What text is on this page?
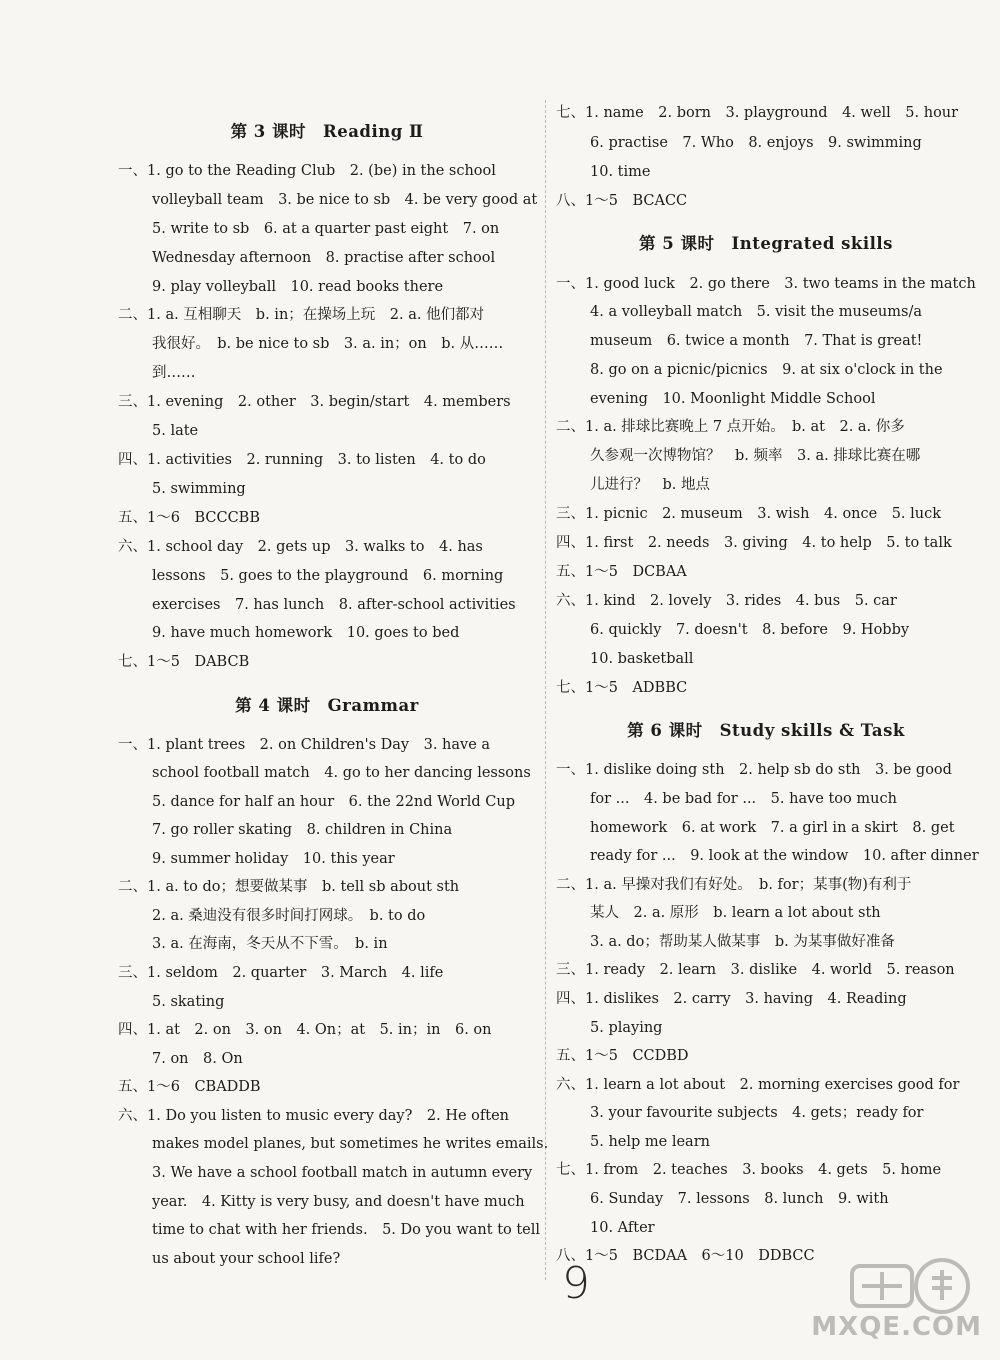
第 3 课时　Reading Ⅱ
一、1. go to the Reading Club　2. (be) in the school
volleyball team　3. be nice to sb　4. be very good at
5. write to sb　6. at a quarter past eight　7. on
Wednesday afternoon　8. practise after school
9. play volleyball　10. read books there
二、1. a. 互相聊天　b. in；在操场上玩　2. a. 他们都对
我很好。　b. be nice to sb　3. a. in；on　b. 从……
到……
三、1. evening　2. other　3. begin/start　4. members
5. late
四、1. activities　2. running　3. to listen　4. to do
5. swimming
五、1～6　BCCCBB
六、1. school day　2. gets up　3. walks to　4. has
lessons　5. goes to the playground　6. morning
exercises　7. has lunch　8. after-school activities
9. have much homework　10. goes to bed
七、1～5　DABCB
第 4 课时　Grammar
一、1. plant trees　2. on Children's Day　3. have a
school football match　4. go to her dancing lessons
5. dance for half an hour　6. the 22nd World Cup
7. go roller skating　8. children in China
9. summer holiday　10. this year
二、1. a. to do；想要做某事　b. tell sb about sth
2. a. 桑迪没有很多时间打网球。　b. to do
3. a. 在海南，冬天从不下雪。　b. in
三、1. seldom　2. quarter　3. March　4. life
5. skating
四、1. at　2. on　3. on　4. On；at　5. in；in　6. on
7. on　8. On
五、1～6　CBADDB
六、1. Do you listen to music every day?　2. He often
makes model planes, but sometimes he writes emails.
3. We have a school football match in autumn every
year.　4. Kitty is very busy, and doesn't have much
time to chat with her friends.　5. Do you want to tell
us about your school life?
七、1. name　2. born　3. playground　4. well　5. hour
6. practise　7. Who　8. enjoys　9. swimming
10. time
八、1～5　BCACC
第 5 课时　Integrated skills
一、1. good luck　2. go there　3. two teams in the match
4. a volleyball match　5. visit the museums/a
museum　6. twice a month　7. That is great!
8. go on a picnic/picnics　9. at six o'clock in the
evening　10. Moonlight Middle School
二、1. a. 排球比赛晚上 7 点开始。　b. at　2. a. 你多
久参观一次博物馆？　b. 频率　3. a. 排球比赛在哪
儿进行？　b. 地点
三、1. picnic　2. museum　3. wish　4. once　5. luck
四、1. first　2. needs　3. giving　4. to help　5. to talk
五、1～5　DCBAA
六、1. kind　2. lovely　3. rides　4. bus　5. car
6. quickly　7. doesn't　8. before　9. Hobby
10. basketball
七、1～5　ADBBC
第 6 课时　Study skills & Task
一、1. dislike doing sth　2. help sb do sth　3. be good
for ...　4. be bad for ...　5. have too much
homework　6. at work　7. a girl in a skirt　8. get
ready for ...　9. look at the window　10. after dinner
二、1. a. 早操对我们有好处。　b. for；某事(物)有利于
某人　2. a. 原形　b. learn a lot about sth
3. a. do；帮助某人做某事　b. 为某事做好准备
三、1. ready　2. learn　3. dislike　4. world　5. reason
四、1. dislikes　2. carry　3. having　4. Reading
5. playing
五、1～5　CCDBD
六、1. learn a lot about　2. morning exercises good for
3. your favourite subjects　4. gets；ready for
5. help me learn
七、1. from　2. teaches　3. books　4. gets　5. home
6. Sunday　7. lessons　8. lunch　9. with
10. After
八、1～5　BCDAA　6～10　DDBCC
9
MXQE.COM
